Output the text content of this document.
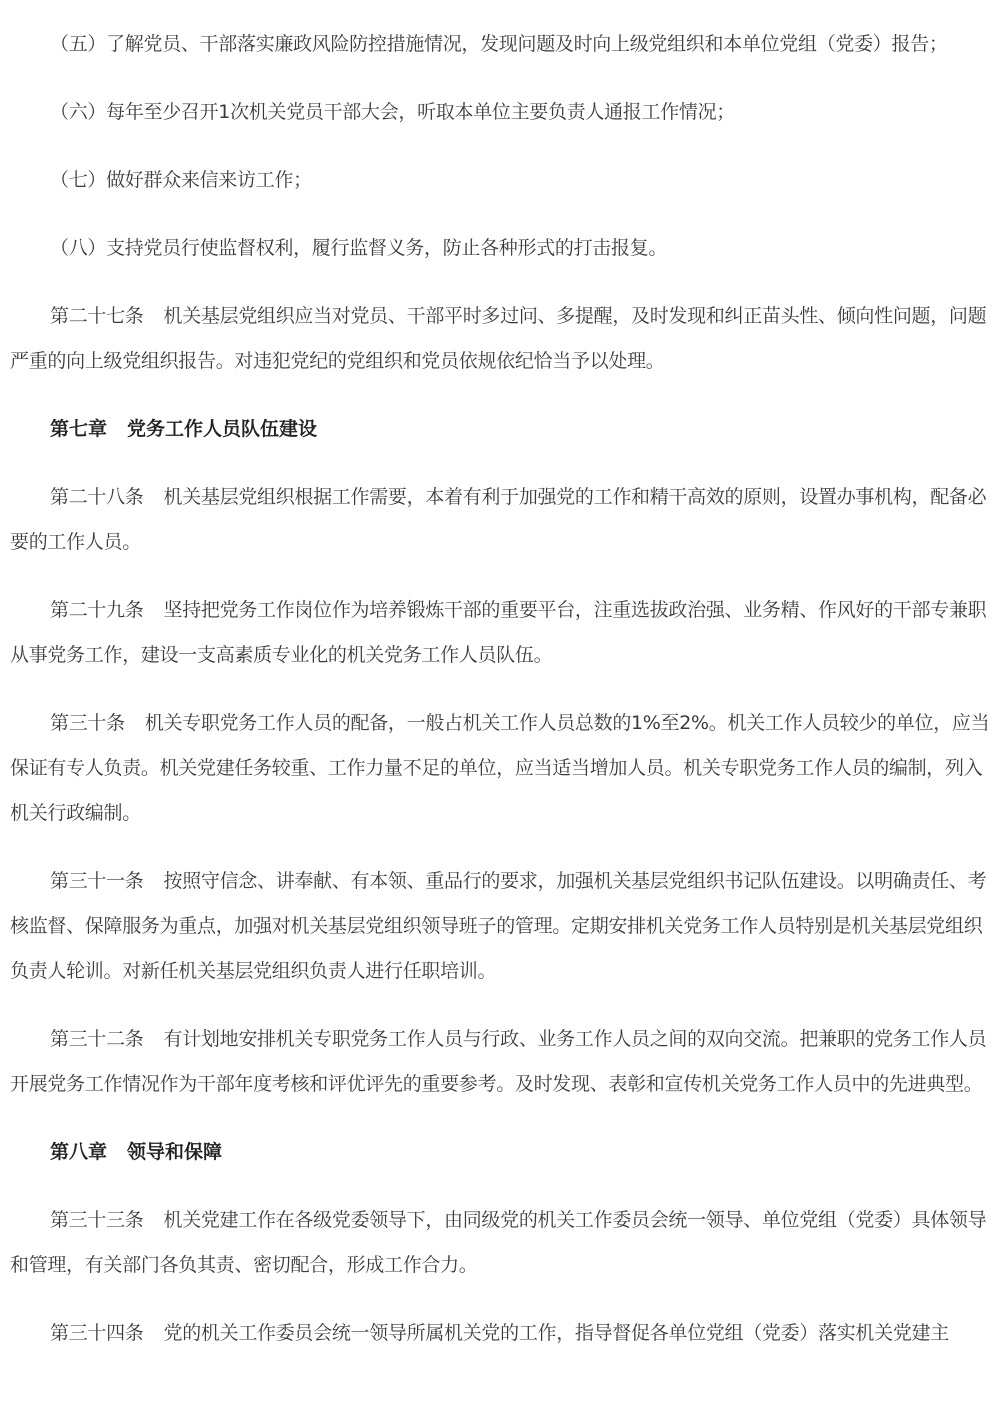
（五）了解党员、干部落实廉政风险防控措施情况，发现问题及时向上级党组织和本单位党组（党委）报告；

（六）每年至少召开1次机关党员干部大会，听取本单位主要负责人通报工作情况；

（七）做好群众来信来访工作；

（八）支持党员行使监督权利，履行监督义务，防止各种形式的打击报复。

第二十七条 机关基层党组织应当对党员、干部平时多过问、多提醒，及时发现和纠正苗头性、倾向性问题，问题严重的向上级党组织报告。对违犯党纪的党组织和党员依规依纪恰当予以处理。

第七章 党务工作人员队伍建设

第二十八条 机关基层党组织根据工作需要，本着有利于加强党的工作和精干高效的原则，设置办事机构，配备必要的工作人员。

第二十九条 坚持把党务工作岗位作为培养锻炼干部的重要平台，注重选拔政治强、业务精、作风好的干部专兼职从事党务工作，建设一支高素质专业化的机关党务工作人员队伍。

第三十条 机关专职党务工作人员的配备，一般占机关工作人员总数的1%至2%。机关工作人员较少的单位，应当保证有专人负责。机关党建任务较重、工作力量不足的单位，应当适当增加人员。机关专职党务工作人员的编制，列入机关行政编制。

第三十一条 按照守信念、讲奉献、有本领、重品行的要求，加强机关基层党组织书记队伍建设。以明确责任、考核监督、保障服务为重点，加强对机关基层党组织领导班子的管理。定期安排机关党务工作人员特别是机关基层党组织负责人轮训。对新任机关基层党组织负责人进行任职培训。

第三十二条 有计划地安排机关专职党务工作人员与行政、业务工作人员之间的双向交流。把兼职的党务工作人员开展党务工作情况作为干部年度考核和评优评先的重要参考。及时发现、表彰和宣传机关党务工作人员中的先进典型。

第八章 领导和保障

第三十三条 机关党建工作在各级党委领导下，由同级党的机关工作委员会统一领导、单位党组（党委）具体领导和管理，有关部门各负其责、密切配合，形成工作合力。

第三十四条 党的机关工作委员会统一领导所属机关党的工作，指导督促各单位党组（党委）落实机关党建主
